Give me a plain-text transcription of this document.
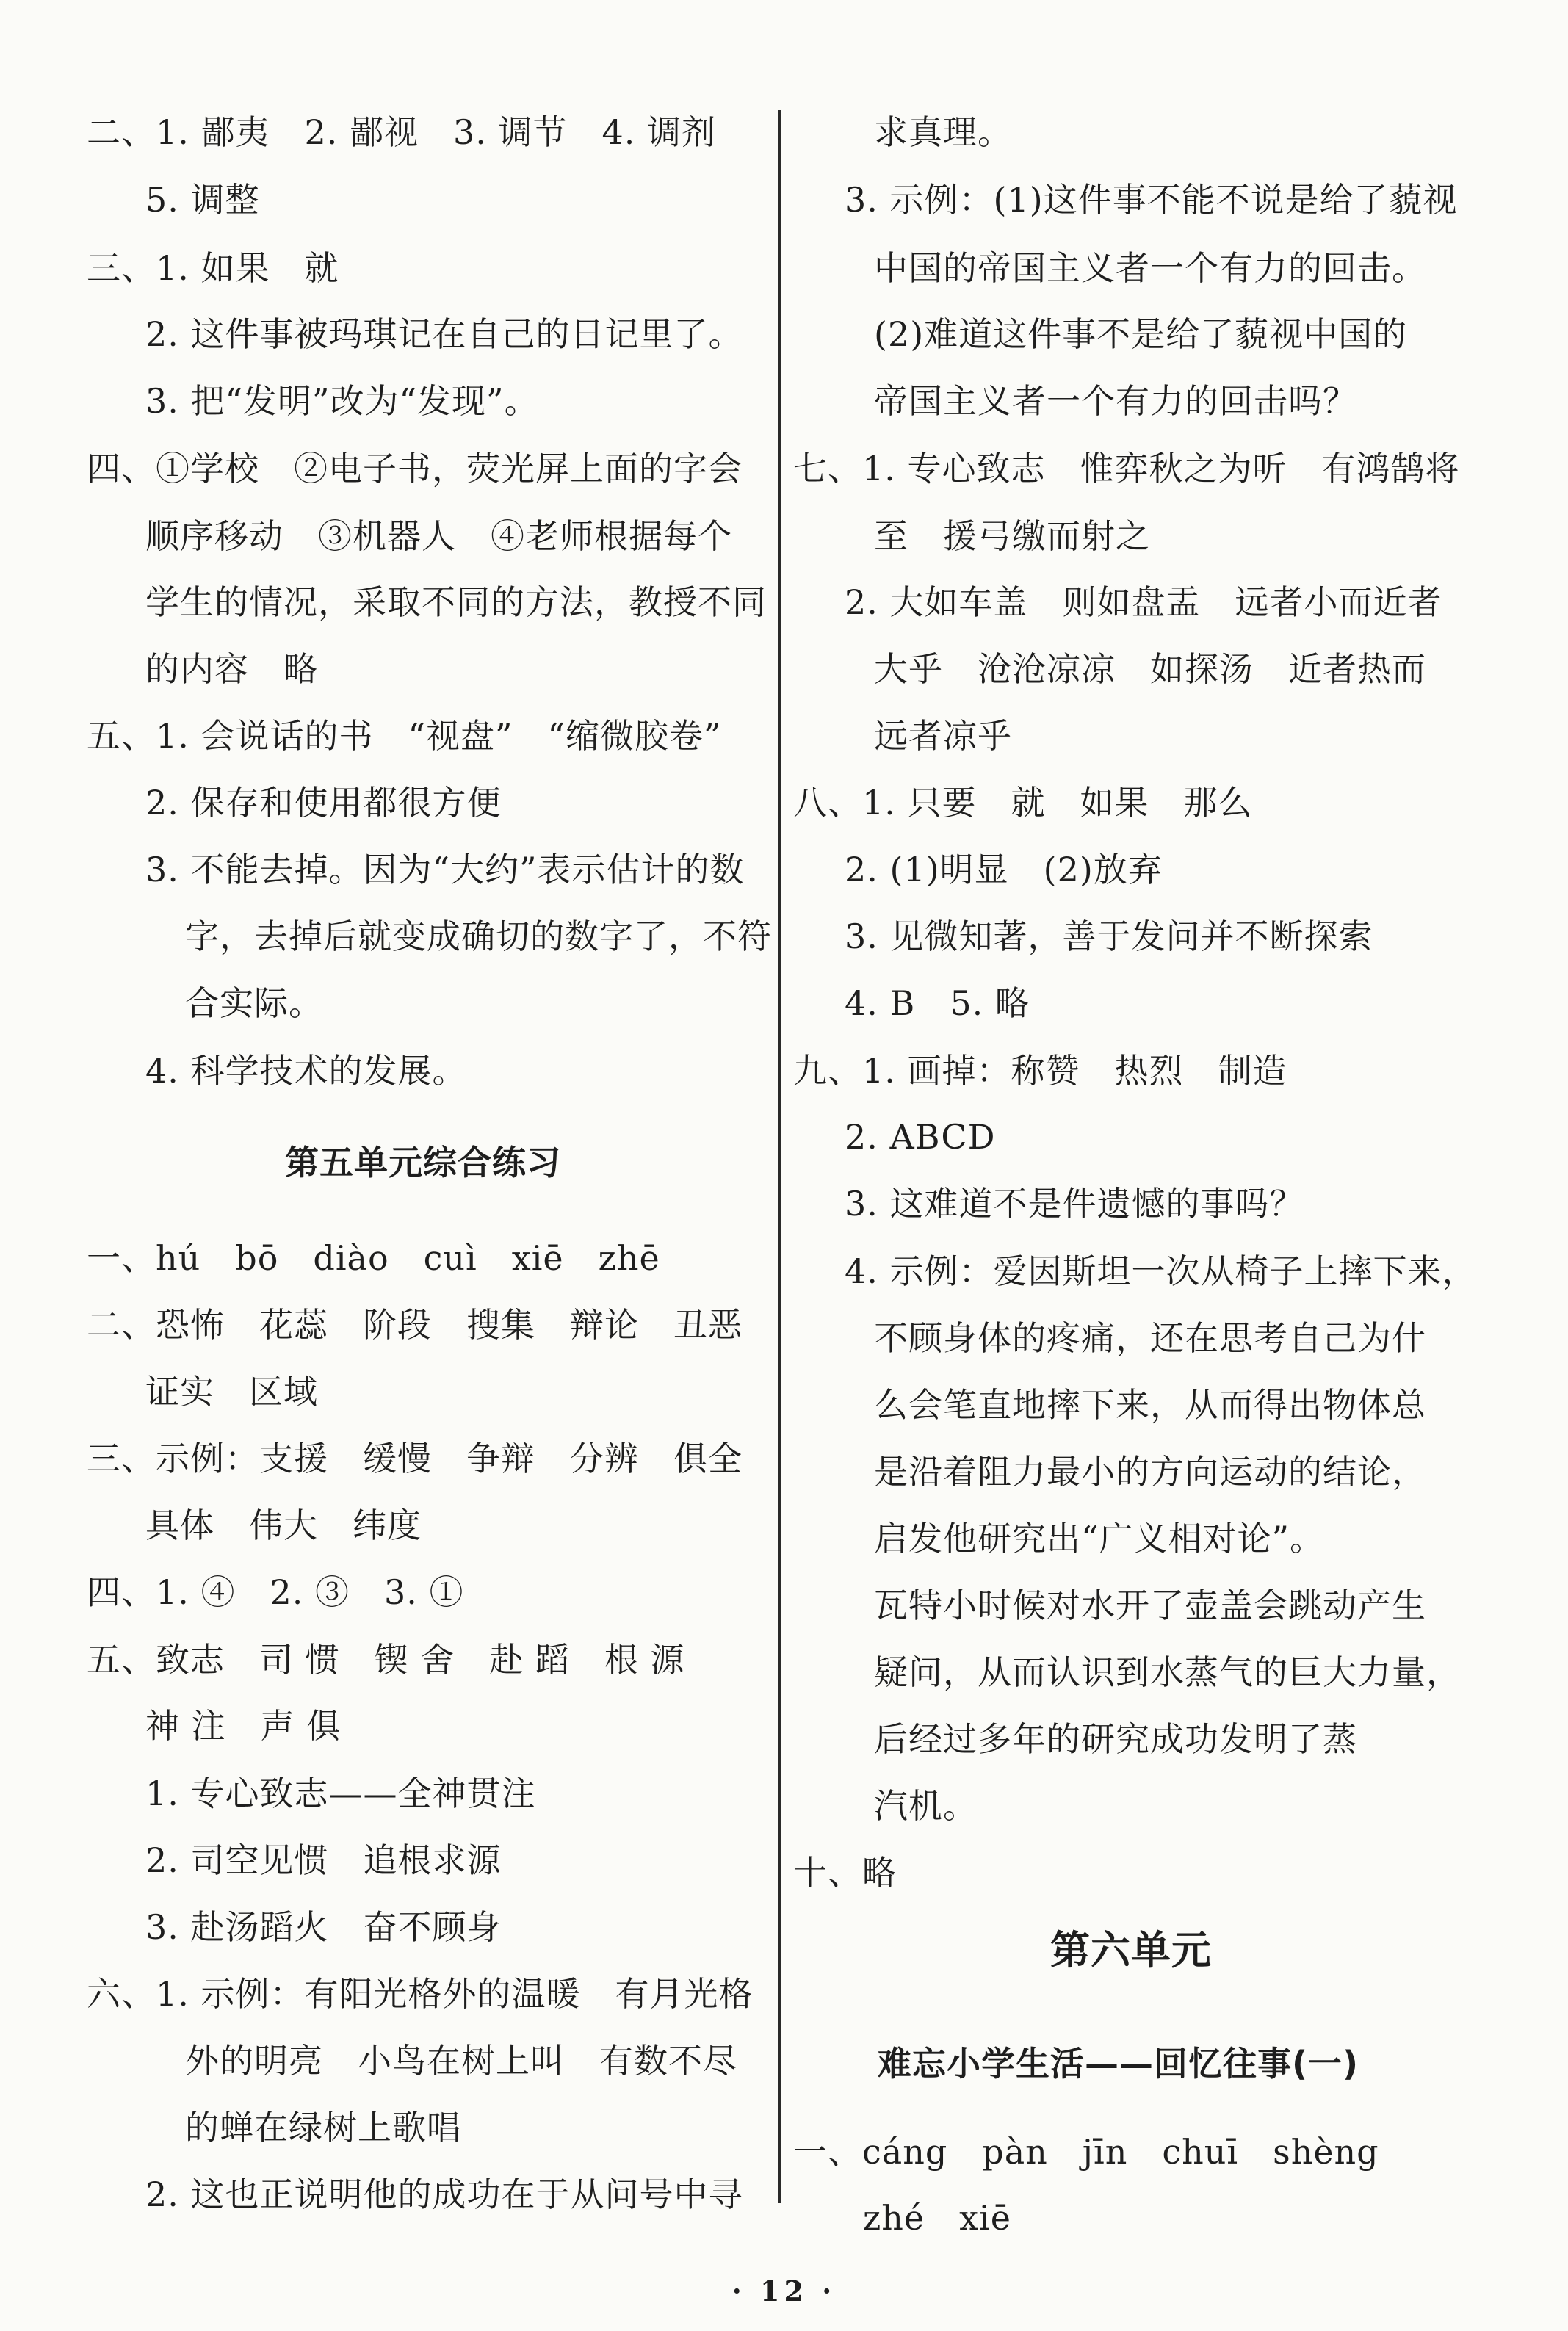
二、1. 鄙夷　2. 鄙视　3. 调节　4. 调剂
5. 调整
三、1. 如果　就
2. 这件事被玛琪记在自己的日记里了。
3. 把“发明”改为“发现”。
四、①学校　②电子书，荧光屏上面的字会
顺序移动　③机器人　④老师根据每个
学生的情况，采取不同的方法，教授不同
的内容　略
五、1. 会说话的书　“视盘”　“缩微胶卷”
2. 保存和使用都很方便
3. 不能去掉。因为“大约”表示估计的数
字，去掉后就变成确切的数字了，不符
合实际。
4. 科学技术的发展。
第五单元综合练习
一、hú　bō　diào　cuì　xiē　zhē
二、恐怖　花蕊　阶段　搜集　辩论　丑恶
证实　区域
三、示例：支援　缓慢　争辩　分辨　俱全
具体　伟大　纬度
四、1. ④　2. ③　3. ①
五、致志　司 惯　锲 舍　赴 蹈　根 源
神 注　声 俱
1. 专心致志——全神贯注
2. 司空见惯　追根求源
3. 赴汤蹈火　奋不顾身
六、1. 示例：有阳光格外的温暖　有月光格
外的明亮　小鸟在树上叫　有数不尽
的蝉在绿树上歌唱
2. 这也正说明他的成功在于从问号中寻
求真理。
3. 示例：(1)这件事不能不说是给了藐视
中国的帝国主义者一个有力的回击。
(2)难道这件事不是给了藐视中国的
帝国主义者一个有力的回击吗？
七、1. 专心致志　惟弈秋之为听　有鸿鹄将
至　援弓缴而射之
2. 大如车盖　则如盘盂　远者小而近者
大乎　沧沧凉凉　如探汤　近者热而
远者凉乎
八、1. 只要　就　如果　那么
2. (1)明显　(2)放弃
3. 见微知著，善于发问并不断探索
4. B　5. 略
九、1. 画掉：称赞　热烈　制造
2. ABCD
3. 这难道不是件遗憾的事吗？
4. 示例：爱因斯坦一次从椅子上摔下来，
不顾身体的疼痛，还在思考自己为什
么会笔直地摔下来，从而得出物体总
是沿着阻力最小的方向运动的结论，
启发他研究出“广义相对论”。
瓦特小时候对水开了壶盖会跳动产生
疑问，从而认识到水蒸气的巨大力量，
后经过多年的研究成功发明了蒸
汽机。
十、略
第六单元
难忘小学生活——回忆往事(一)
一、cáng　pàn　jīn　chuī　shèng
zhé　xiē
· 12 ·
